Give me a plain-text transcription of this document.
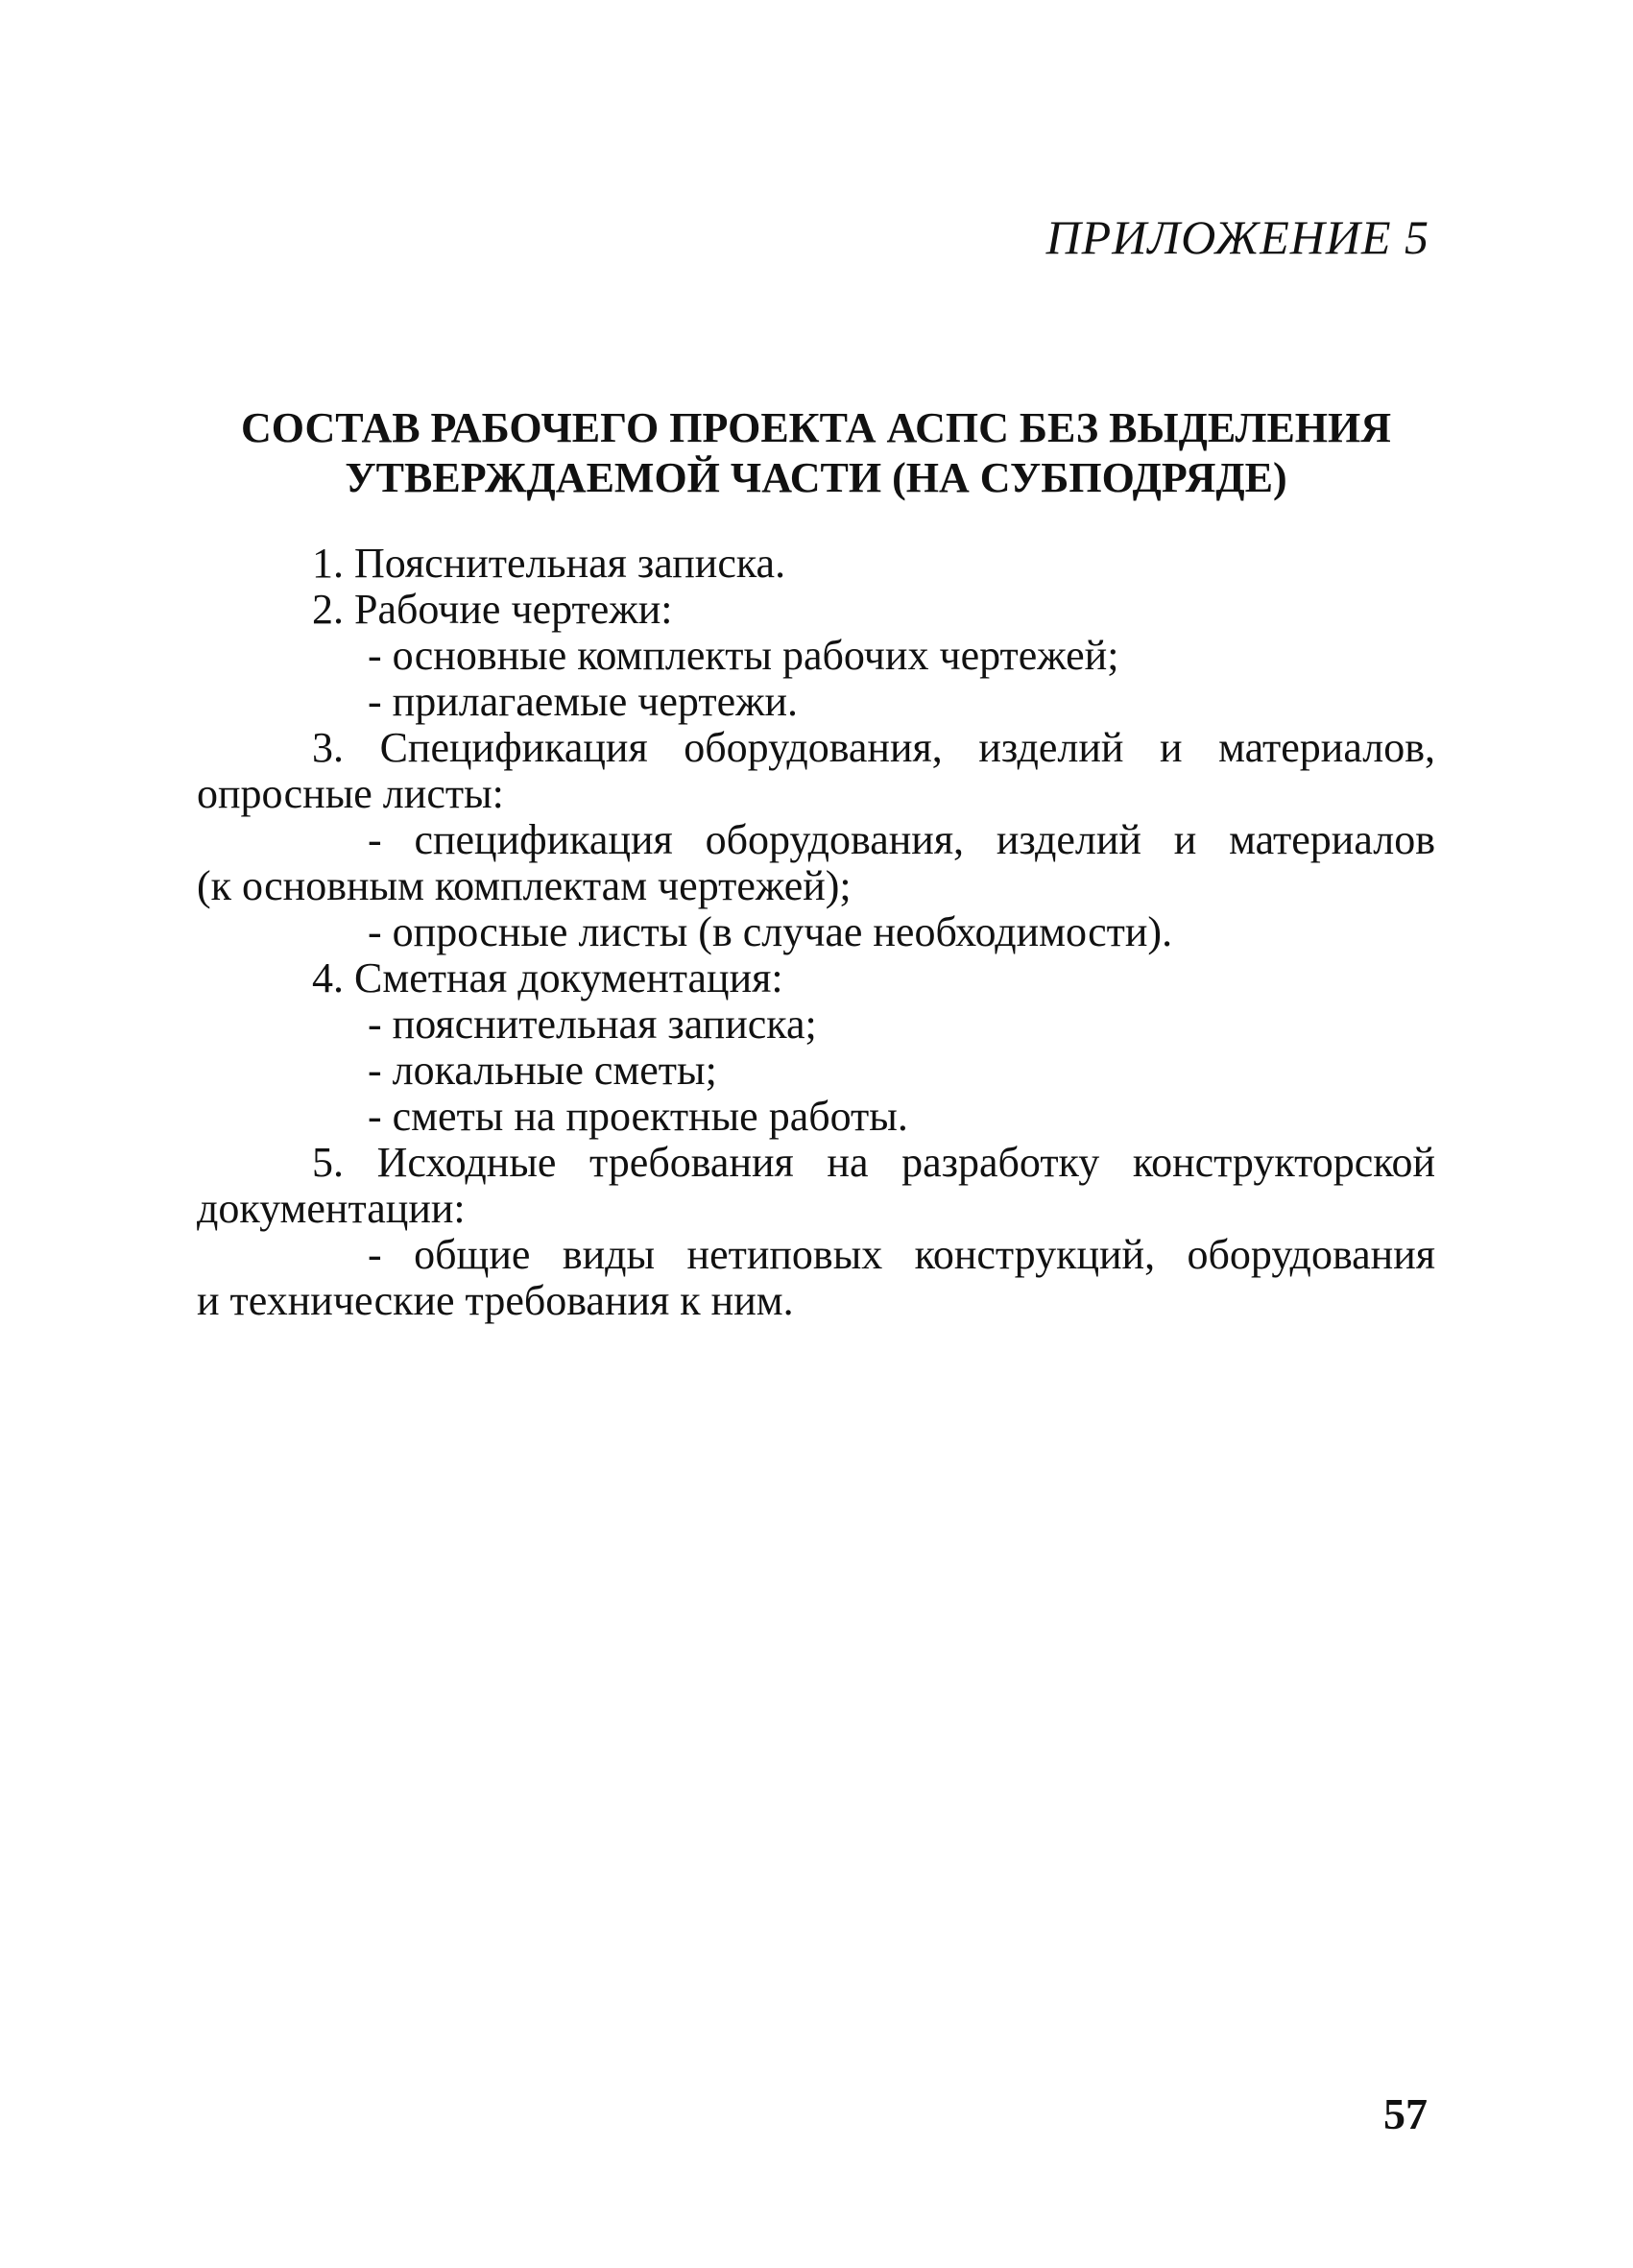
ПРИЛОЖЕНИЕ 5
СОСТАВ РАБОЧЕГО ПРОЕКТА АСПС БЕЗ ВЫДЕЛЕНИЯ
УТВЕРЖДАЕМОЙ ЧАСТИ (НА СУБПОДРЯДЕ)
1. Пояснительная записка.
2. Рабочие чертежи:
- основные комплекты рабочих чертежей;
- прилагаемые чертежи.
3. Спецификация оборудования, изделий и материалов,
опросные листы:
- спецификация оборудования, изделий и материалов
(к основным комплектам чертежей);
- опросные листы (в случае необходимости).
4. Сметная документация:
- пояснительная записка;
- локальные сметы;
- сметы на проектные работы.
5. Исходные требования на разработку конструкторской
документации:
- общие виды нетиповых конструкций, оборудования
и технические требования к ним.
57
